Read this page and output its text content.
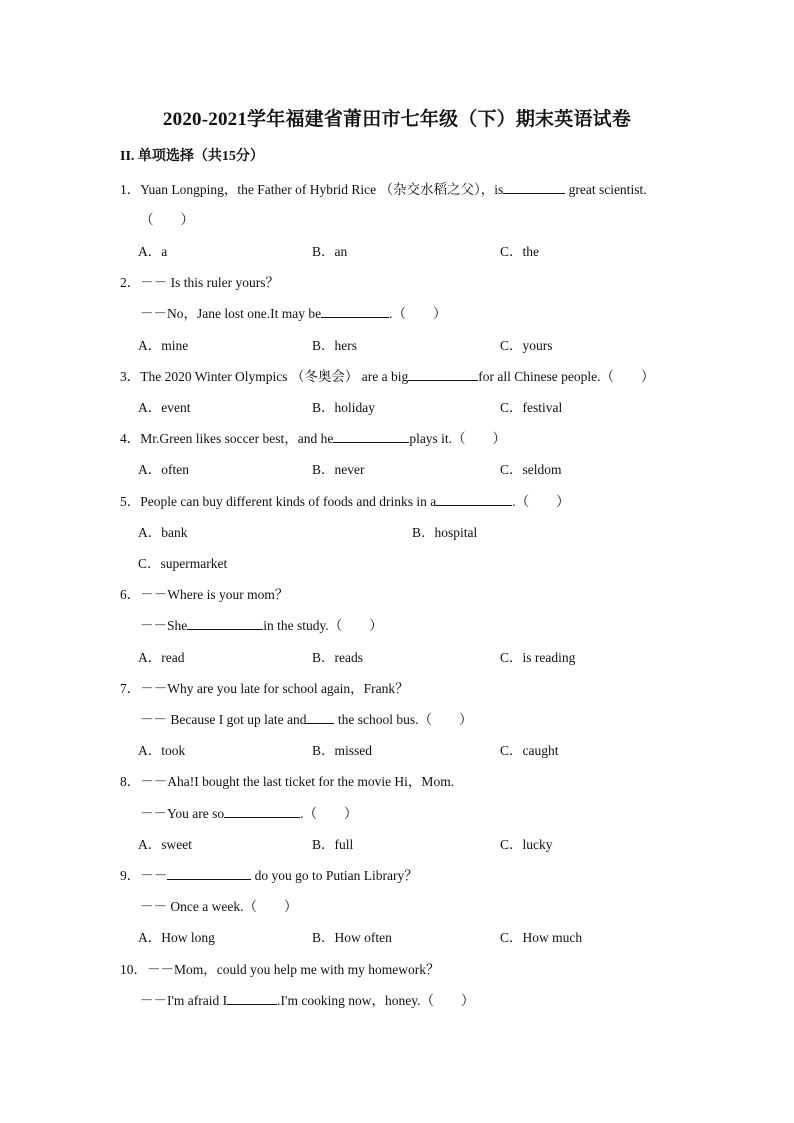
2020-2021学年福建省莆田市七年级（下）期末英语试卷
II. 单项选择（共15分）
1．Yuan Longping，the Father of Hybrid Rice （杂交水稻之父），is	great scientist.
（　　）
A．a	B．an	C．the
2．－－ Is this ruler yours？
－－No，Jane lost one.It may be	.（　　）
A．mine	B．hers	C．yours
3．The 2020 Winter Olympics （冬奥会） are a big	for all Chinese people.（　　）
A．event	B．holiday	C．festival
4．Mr.Green likes soccer best，and he	plays it.（　　）
A．often	B．never	C．seldom
5．People can buy different kinds of foods and drinks in a	.（　　）
A．bank	B．hospital
C．supermarket
6．－－Where is your mom？
－－She	in the study.（　　）
A．read	B．reads	C．is reading
7．－－Why are you late for school again，Frank？
－－ Because I got up late and the school bus.（　　）
A．took	B．missed	C．caught
8．－－Aha!I bought the last ticket for the movie Hi，Mom.
－－You are so	.（　　）
A．sweet	B．full	C．lucky
9．－－	do you go to Putian Library？
－－ Once a week.（　　）
A．How long	B．How often	C．How much
10．－－Mom，could you help me with my homework？
－－I'm afraid I	.I'm cooking now，honey.（　　）
